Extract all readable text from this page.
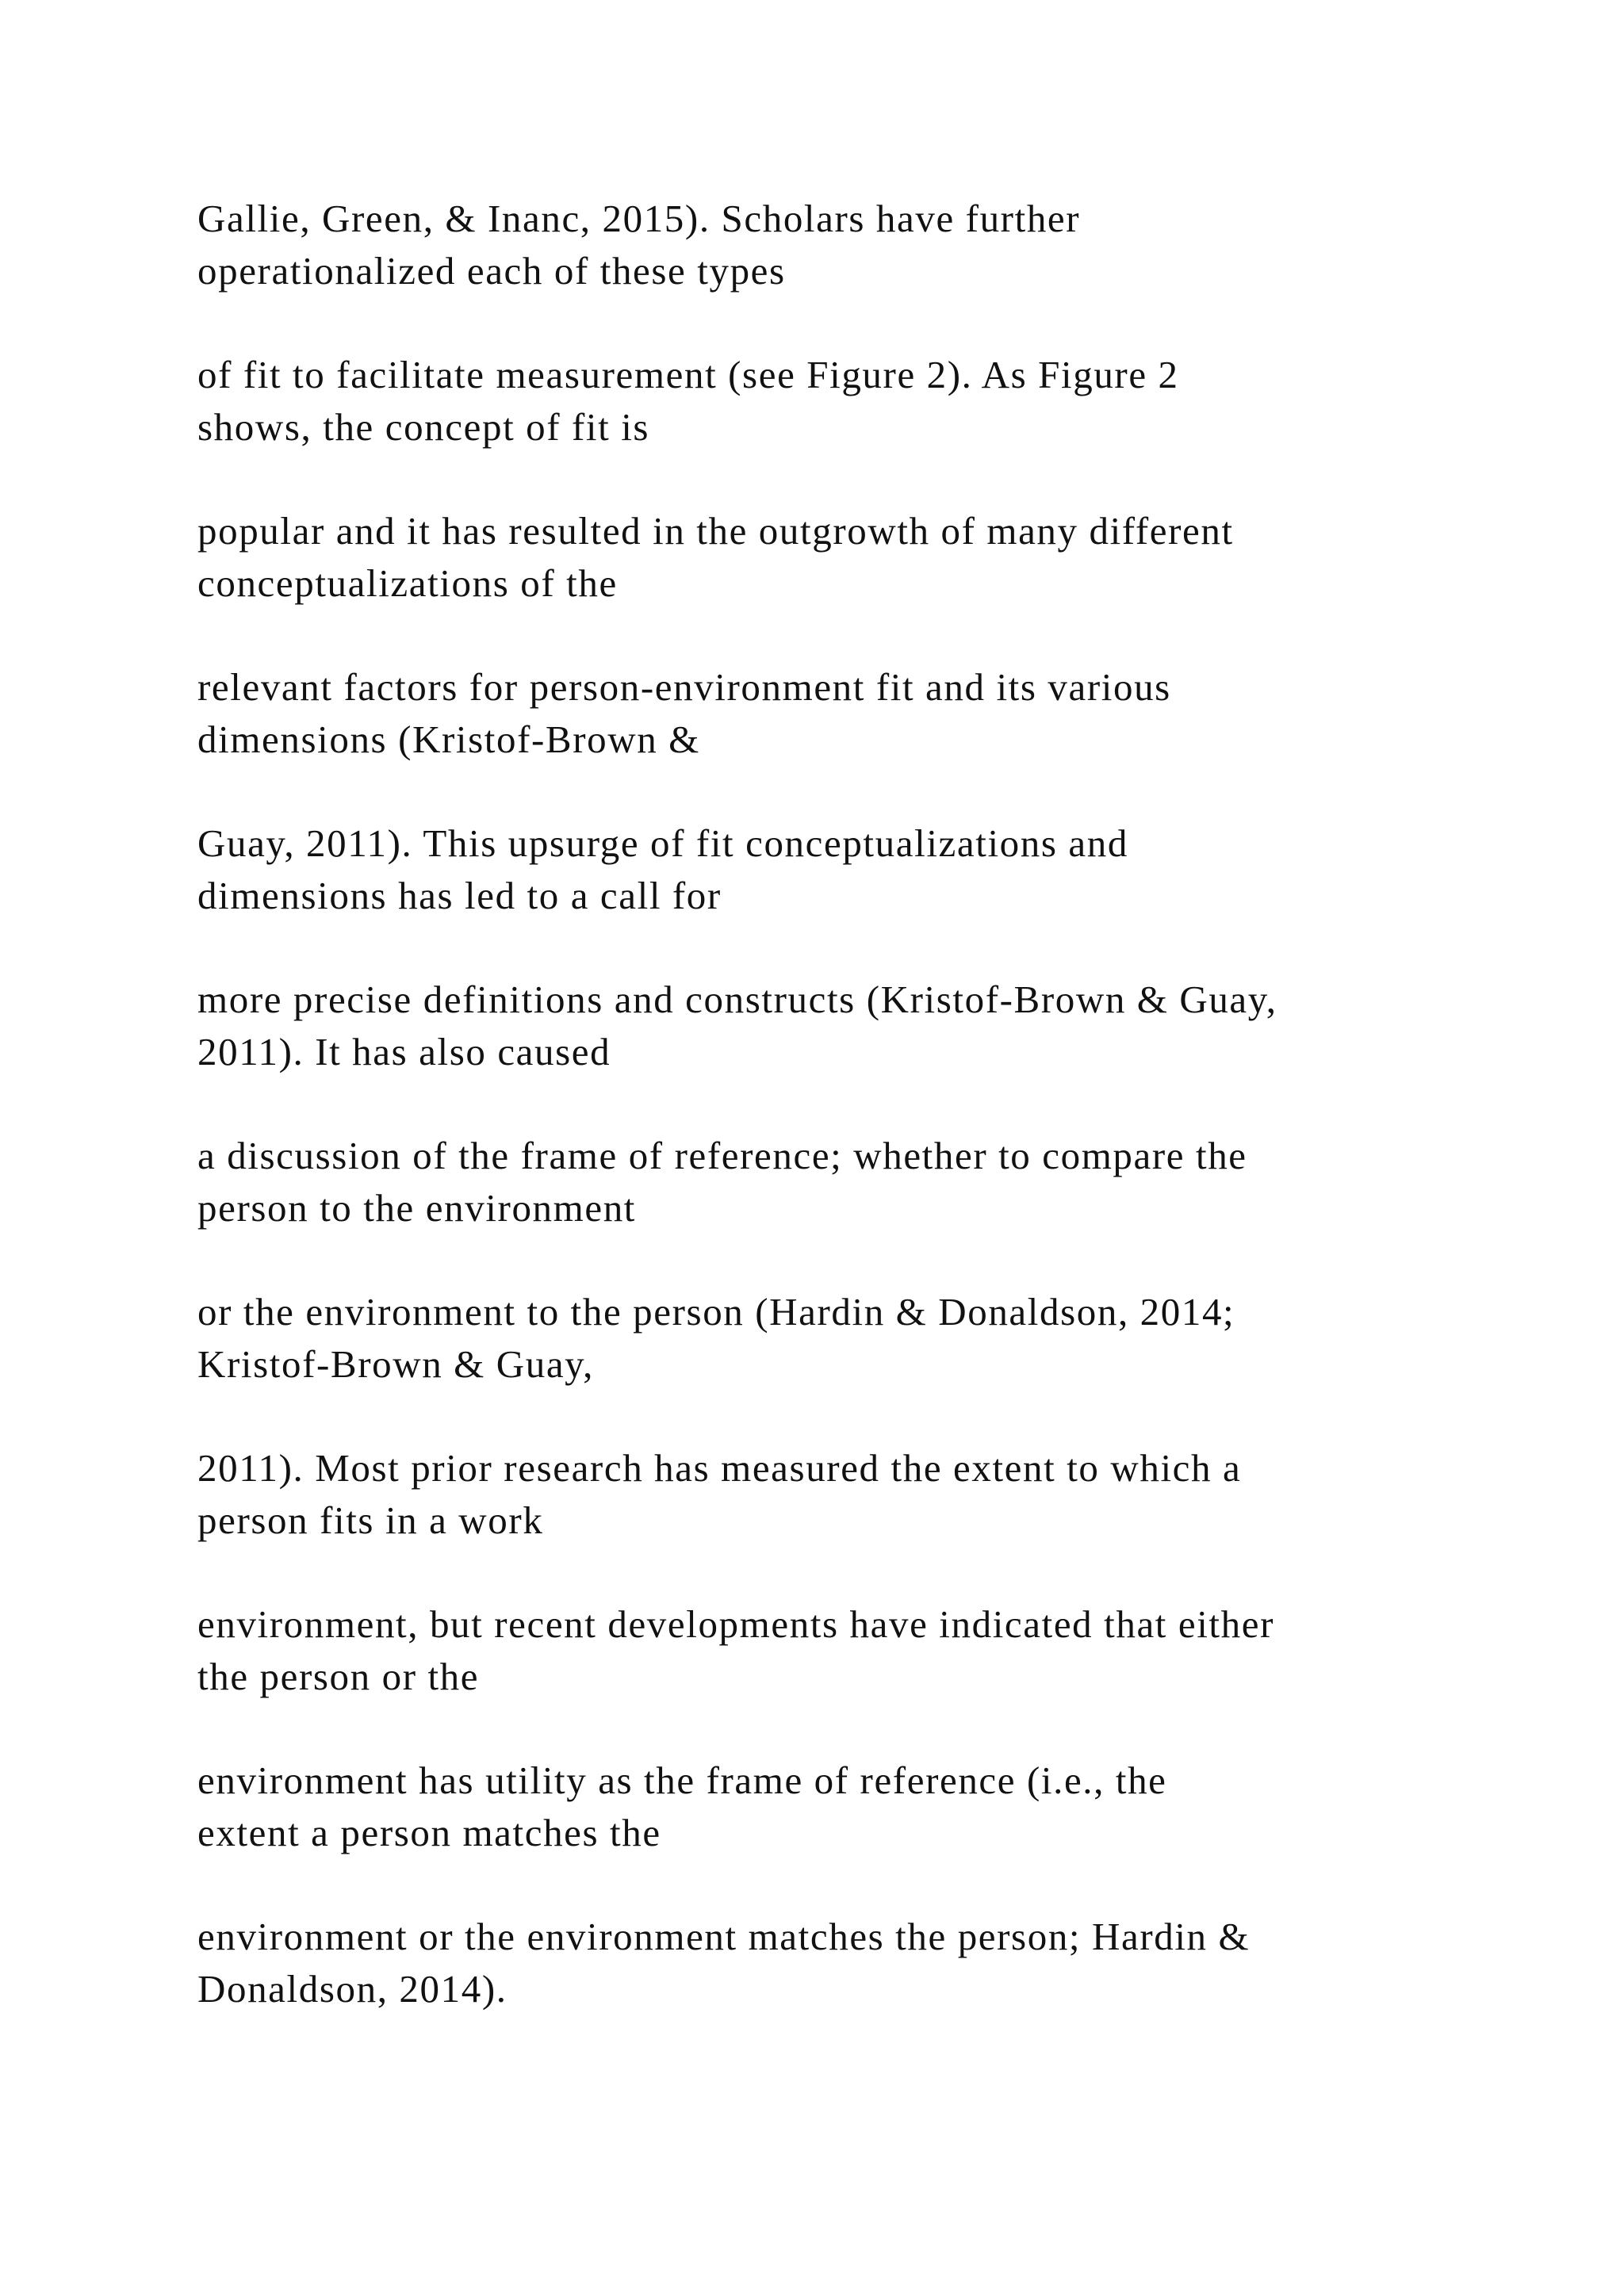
Gallie, Green, & Inanc, 2015). Scholars have further
operationalized each of these types

of fit to facilitate measurement (see Figure 2). As Figure 2
shows, the concept of fit is

popular and it has resulted in the outgrowth of many different
conceptualizations of the

relevant factors for person-environment fit and its various
dimensions (Kristof-Brown &

Guay, 2011). This upsurge of fit conceptualizations and
dimensions has led to a call for

more precise definitions and constructs (Kristof-Brown & Guay,
2011). It has also caused

a discussion of the frame of reference; whether to compare the
person to the environment

or the environment to the person (Hardin & Donaldson, 2014;
Kristof-Brown & Guay,

2011). Most prior research has measured the extent to which a
person fits in a work

environment, but recent developments have indicated that either
the person or the

environment has utility as the frame of reference (i.e., the
extent a person matches the

environment or the environment matches the person; Hardin &
Donaldson, 2014).
